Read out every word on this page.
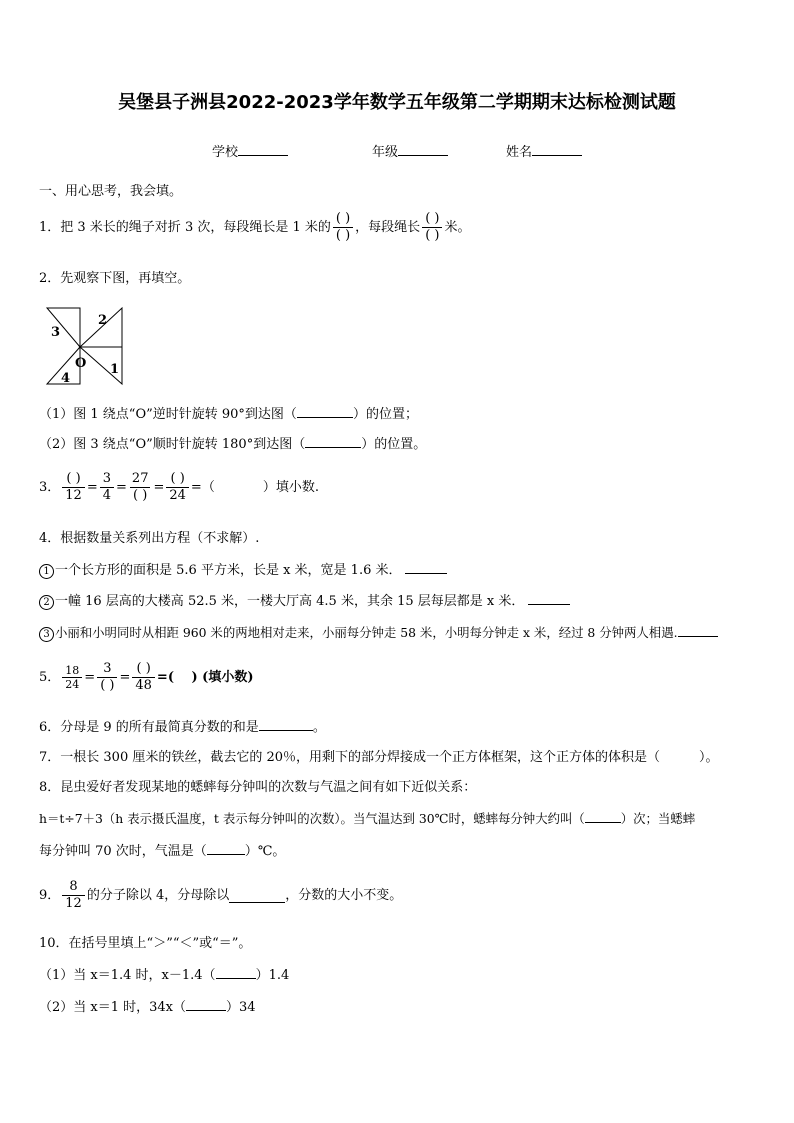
吴堡县子洲县2022-2023学年数学五年级第二学期期末达标检测试题
学校	年级	姓名
一、用心思考，我会填。
1．把 3 米长的绳子对折 3 次，每段绳长是 1 米的
( )
( )
，每段绳长
( )
( )
米。
2．先观察下图，再填空。
3
2
1
4
O
（1）图 1 绕点“O”逆时针旋转 90°到达图（	）的位置；
（2）图 3 绕点“O”顺时针旋转 180°到达图（	）的位置。
3．
( )
12
= $\frac{3}{4}$ =
27
( )
=
( )
24
=（	）填小数.
4．根据数量关系列出方程（不求解）.
1 一个长方形的面积是 5.6 平方米，长是 x 米，宽是 1.6 米．
2 一幢 16 层高的大楼高 52.5 米，一楼大厅高 4.5 米，其余 15 层每层都是 x 米．
3 小丽和小明同时从相距 960 米的两地相对走来，小丽每分钟走 58 米，小明每分钟走 x 米，经过 8 分钟两人相遇.
5． $\frac{18}{24}$ =
3
( )
=
( )
48
=(　 ) (填小数)
6．分母是 9 的所有最简真分数的和是	。
7．一根长 300 厘米的铁丝，截去它的 20％，用剩下的部分焊接成一个正方体框架，这个正方体的体积是（　　　）。
8．昆虫爱好者发现某地的蟋蟀每分钟叫的次数与气温之间有如下近似关系：
h＝t÷7＋3（h 表示摄氏温度，t 表示每分钟叫的次数）。当气温达到 30℃时，蟋蟀每分钟大约叫（	）次；当蟋蟀
每分钟叫 70 次时，气温是（	）℃。
9．
8
12
的分子除以 4，分母除以	，分数的大小不变。
10．在括号里填上“＞”“＜”或“＝”。
（1）当 x＝1.4 时，x－1.4（	）1.4
（2）当 x＝1 时，34x（	）34
